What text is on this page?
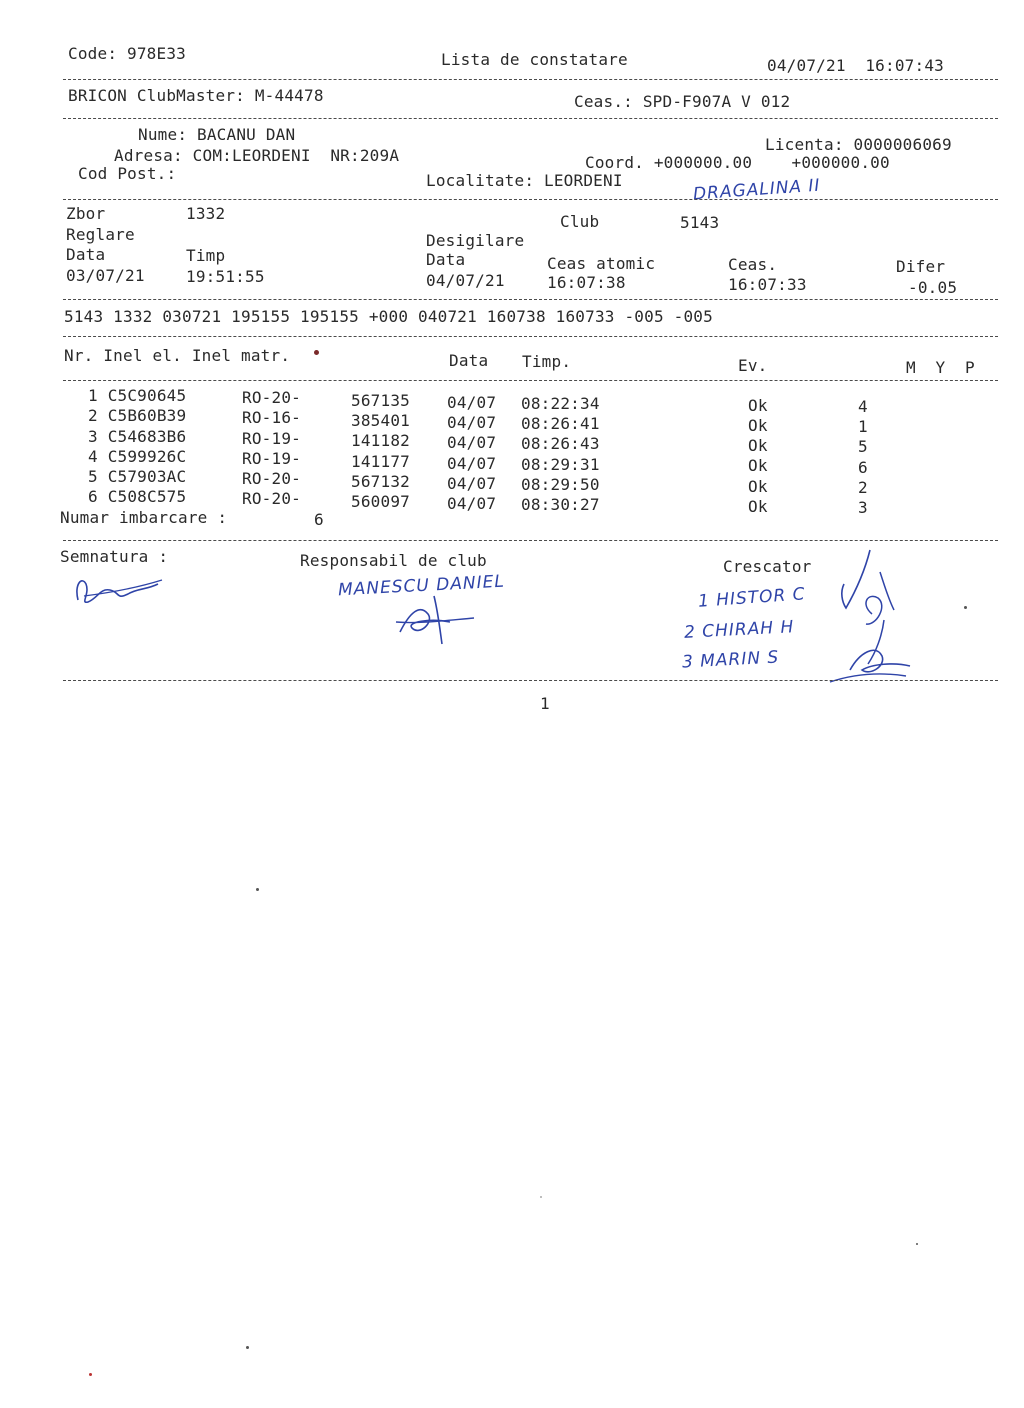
Code: 978E33	Lista de constatare	04/07/21  16:07:43
BRICON ClubMaster: M-44478	Ceas.: SPD-F907A V 012
Nume: BACANU DAN
Licenta: 0000006069
Adresa: COM:LEORDENI  NR:209A	Coord. +000000.00    +000000.00
Cod Post.:	Localitate: LEORDENI	DRAGALINA II
Zbor	1332	Club	5143
Reglare	Desigilare
Data	Timp	Data	Ceas atomic	Ceas.	Difer
03/07/21	19:51:55	04/07/21	16:07:38	16:07:33	-0.05
5143 1332 030721 195155 195155 +000 040721 160738 160733 -005 -005
Nr. Inel el. Inel matr.	Data Timp.	Ev.	M  Y  P
1 C5C90645	RO-20-	567135 04/07 08:22:34	Ok	4
2 C5B60B39	RO-16-	385401 04/07 08:26:41	Ok	1
3 C54683B6	RO-19-	141182 04/07 08:26:43	Ok	5
4 C599926C	RO-19-	141177 04/07 08:29:31	Ok	6
5 C57903AC	RO-20-	567132 04/07 08:29:50	Ok	2
6 C508C575	RO-20-	560097 04/07 08:30:27	Ok	3
Numar imbarcare :	6
Semnatura :	Responsabil de club	Crescator
MANESCU DANIEL	1 HISTOR C
2 CHIRAH H
3 MARIN S
1
